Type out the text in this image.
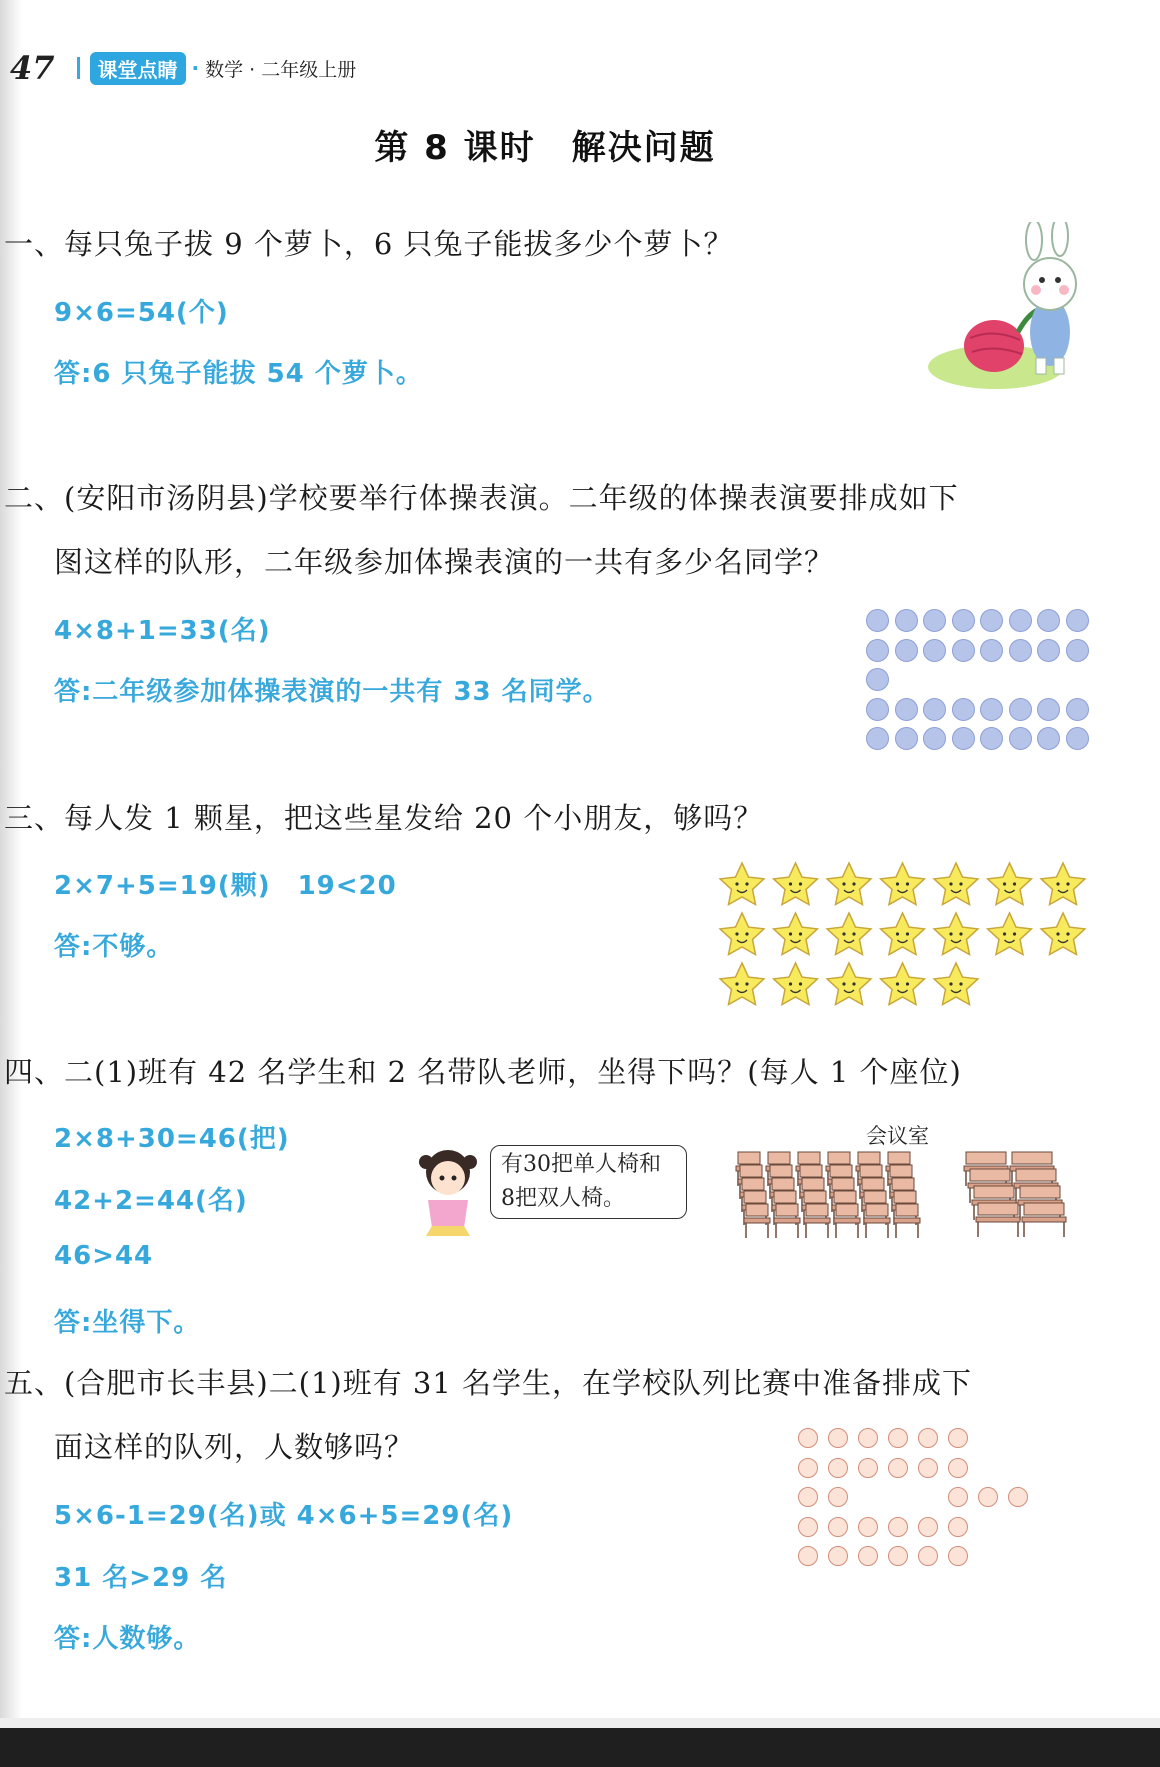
47	课堂点睛 · 数学 · 二年级上册
第 8 课时　解决问题
一、每只兔子拔 9 个萝卜，6 只兔子能拔多少个萝卜？
9×6=54(个)
答:6 只兔子能拔 54 个萝卜。
二、(安阳市汤阴县)学校要举行体操表演。二年级的体操表演要排成如下
图这样的队形，二年级参加体操表演的一共有多少名同学？
4×8+1=33(名)
答:二年级参加体操表演的一共有 33 名同学。
三、每人发 1 颗星，把这些星发给 20 个小朋友，够吗？
2×7+5=19(颗)　19<20
答:不够。
四、二(1)班有 42 名学生和 2 名带队老师，坐得下吗？(每人 1 个座位)
2×8+30=46(把)
42+2=44(名)
46>44
答:坐得下。
有30把单人椅和
8把双人椅。
会议室
五、(合肥市长丰县)二(1)班有 31 名学生，在学校队列比赛中准备排成下
面这样的队列，人数够吗？
5×6-1=29(名)或 4×6+5=29(名)
31 名>29 名
答:人数够。
